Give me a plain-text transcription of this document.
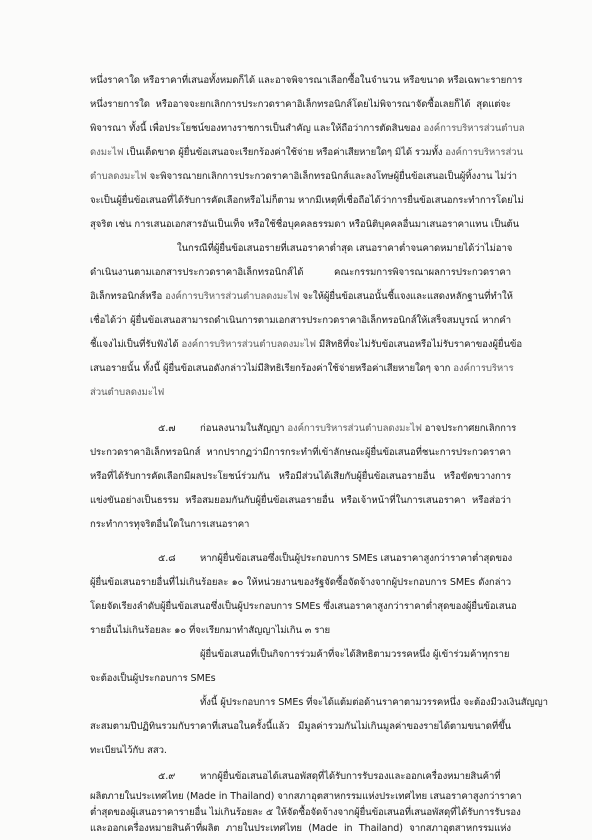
หนึ่งราคาใด หรือราคาที่เสนอทั้งหมดก็ได้ และอาจพิจารณาเลือกซื้อในจำนวน หรือขนาด หรือเฉพาะรายการ
หนึ่งรายการใด หรืออาจจะยกเลิกการประกวดราคาอิเล็กทรอนิกส์โดยไม่พิจารณาจัดซื้อเลยก็ได้ สุดแต่จะ
พิจารณา ทั้งนี้ เพื่อประโยชน์ของทางราชการเป็นสำคัญ และให้ถือว่าการตัดสินของ องค์การบริหารส่วนตำบล
ดงมะไฟ เป็นเด็ดขาด ผู้ยื่นข้อเสนอจะเรียกร้องค่าใช้จ่าย หรือค่าเสียหายใดๆ มิได้ รวมทั้ง องค์การบริหารส่วน
ตำบลดงมะไฟ จะพิจารณายกเลิกการประกวดราคาอิเล็กทรอนิกส์และลงโทษผู้ยื่นข้อเสนอเป็นผู้ทิ้งงาน ไม่ว่า
จะเป็นผู้ยื่นข้อเสนอที่ได้รับการคัดเลือกหรือไม่ก็ตาม หากมีเหตุที่เชื่อถือได้ว่าการยื่นข้อเสนอกระทำการโดยไม่
สุจริต เช่น การเสนอเอกสารอันเป็นเท็จ หรือใช้ชื่อบุคคลธรรมดา หรือนิติบุคคลอื่นมาเสนอราคาแทน เป็นต้น
ในกรณีที่ผู้ยื่นข้อเสนอรายที่เสนอราคาต่ำสุด เสนอราคาต่ำจนคาดหมายได้ว่าไม่อาจ
ดำเนินงานตามเอกสารประกวดราคาอิเล็กทรอนิกส์ได้ คณะกรรมการพิจารณาผลการประกวดราคา
อิเล็กทรอนิกส์หรือ องค์การบริหารส่วนตำบลดงมะไฟ จะให้ผู้ยื่นข้อเสนอนั้นชี้แจงและแสดงหลักฐานที่ทำให้
เชื่อได้ว่า ผู้ยื่นข้อเสนอสามารถดำเนินการตามเอกสารประกวดราคาอิเล็กทรอนิกส์ให้เสร็จสมบูรณ์ หากคำ
ชี้แจงไม่เป็นที่รับฟังได้ องค์การบริหารส่วนตำบลดงมะไฟ มีสิทธิที่จะไม่รับข้อเสนอหรือไม่รับราคาของผู้ยื่นข้อ
เสนอรายนั้น ทั้งนี้ ผู้ยื่นข้อเสนอดังกล่าวไม่มีสิทธิเรียกร้องค่าใช้จ่ายหรือค่าเสียหายใดๆ จาก องค์การบริหาร
ส่วนตำบลดงมะไฟ
๕.๗	ก่อนลงนามในสัญญา องค์การบริหารส่วนตำบลดงมะไฟ อาจประกาศยกเลิกการ
ประกวดราคาอิเล็กทรอนิกส์ หากปรากฏว่ามีการกระทำที่เข้าลักษณะผู้ยื่นข้อเสนอที่ชนะการประกวดราคา
หรือที่ได้รับการคัดเลือกมีผลประโยชน์ร่วมกัน หรือมีส่วนได้เสียกับผู้ยื่นข้อเสนอรายอื่น หรือขัดขวางการ
แข่งขันอย่างเป็นธรรม หรือสมยอมกันกับผู้ยื่นข้อเสนอรายอื่น หรือเจ้าหน้าที่ในการเสนอราคา หรือส่อว่า
กระทำการทุจริตอื่นใดในการเสนอราคา
๕.๘	หากผู้ยื่นข้อเสนอซึ่งเป็นผู้ประกอบการ SMEs เสนอราคาสูงกว่าราคาต่ำสุดของ
ผู้ยื่นข้อเสนอรายอื่นที่ไม่เกินร้อยละ ๑๐ ให้หน่วยงานของรัฐจัดซื้อจัดจ้างจากผู้ประกอบการ SMEs ดังกล่าว
โดยจัดเรียงลำดับผู้ยื่นข้อเสนอซึ่งเป็นผู้ประกอบการ SMEs ซึ่งเสนอราคาสูงกว่าราคาต่ำสุดของผู้ยื่นข้อเสนอ
รายอื่นไม่เกินร้อยละ ๑๐ ที่จะเรียกมาทำสัญญาไม่เกิน ๓ ราย
ผู้ยื่นข้อเสนอที่เป็นกิจการร่วมค้าที่จะได้สิทธิตามวรรคหนึ่ง ผู้เข้าร่วมค้าทุกราย
จะต้องเป็นผู้ประกอบการ SMEs
ทั้งนี้ ผู้ประกอบการ SMEs ที่จะได้แต้มต่อด้านราคาตามวรรคหนึ่ง จะต้องมีวงเงินสัญญา
สะสมตามปีปฏิทินรวมกับราคาที่เสนอในครั้งนี้แล้ว มีมูลค่ารวมกันไม่เกินมูลค่าของรายได้ตามขนาดที่ขึ้น
ทะเบียนไว้กับ สสว.
๕.๙	หากผู้ยื่นข้อเสนอได้เสนอพัสดุที่ได้รับการรับรองและออกเครื่องหมายสินค้าที่
ผลิตภายในประเทศไทย (Made in Thailand) จากสภาอุตสาหกรรมแห่งประเทศไทย เสนอราคาสูงกว่าราคา
ต่ำสุดของผู้เสนอราคารายอื่น ไม่เกินร้อยละ ๕ ให้จัดซื้อจัดจ้างจากผู้ยื่นข้อเสนอที่เสนอพัสดุที่ได้รับการรับรอง
และออกเครื่องหมายสินค้าที่ผลิต ภายในประเทศไทย (Made in Thailand) จากสภาอุตสาหกรรมแห่ง
